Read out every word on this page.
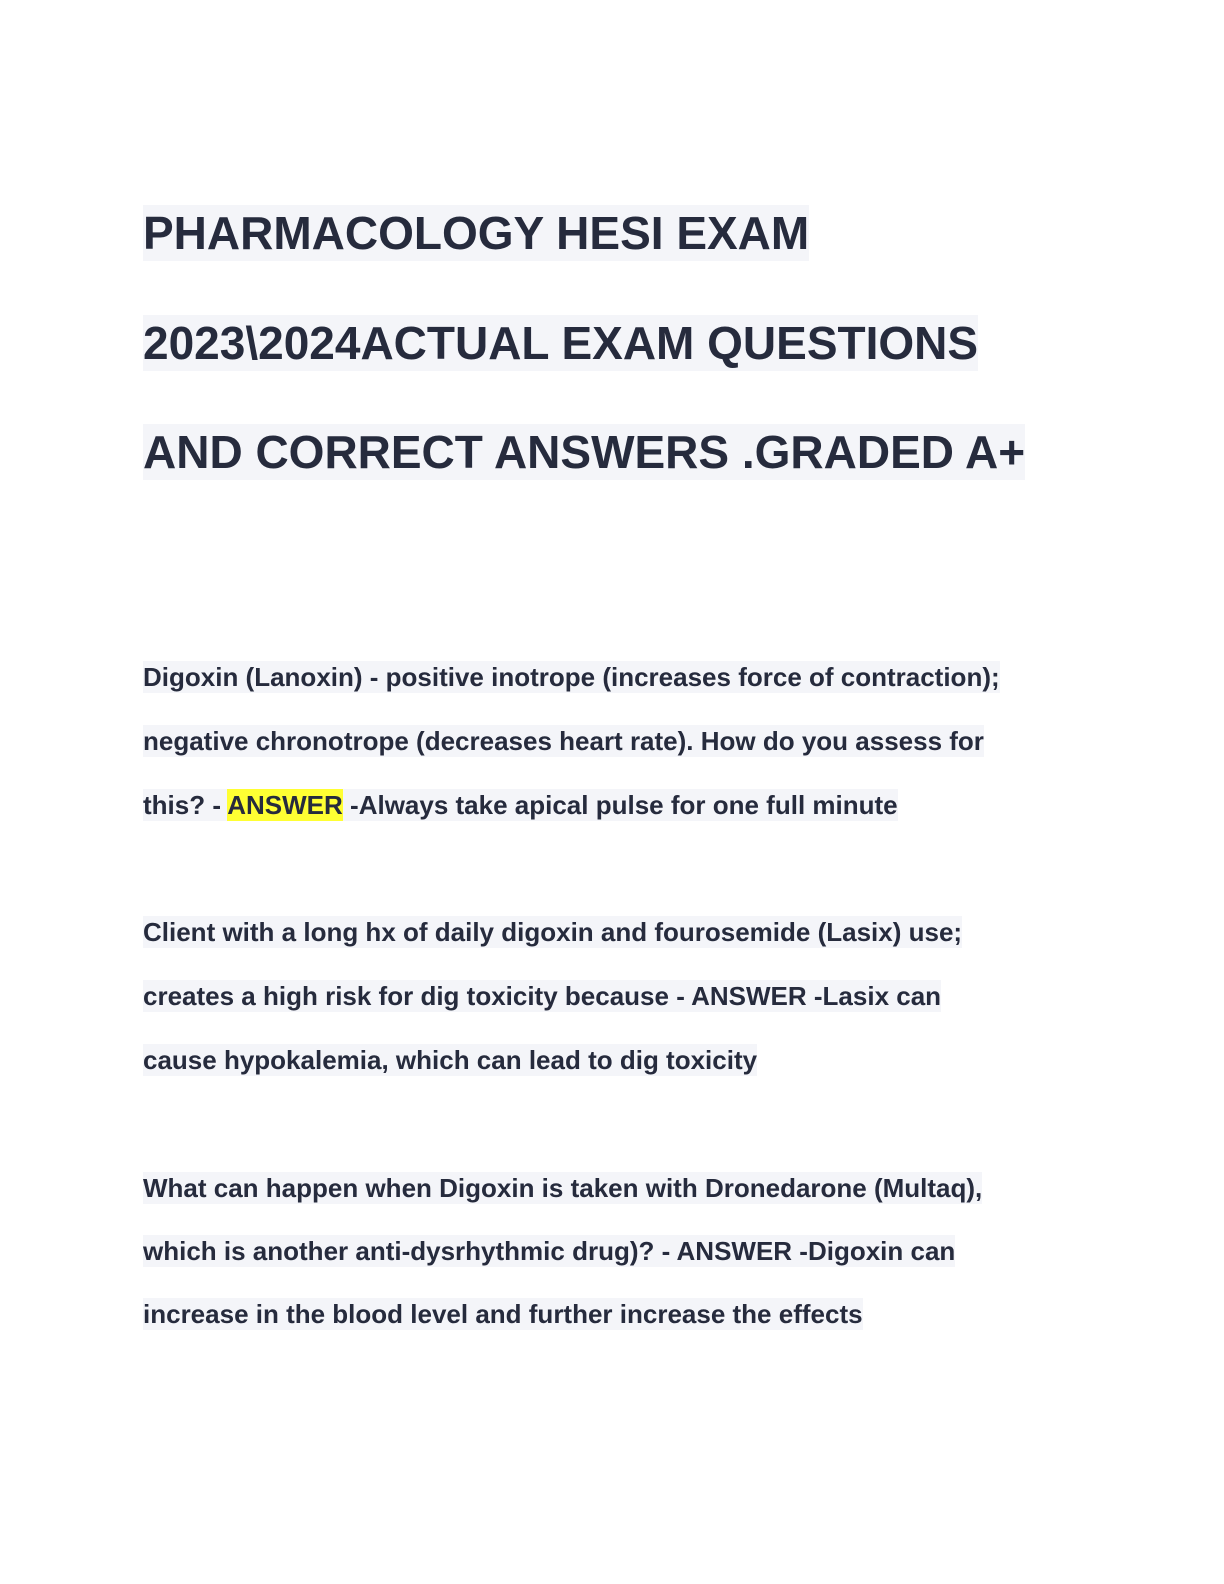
PHARMACOLOGY HESI EXAM
2023\2024ACTUAL EXAM QUESTIONS
AND CORRECT ANSWERS .GRADED A+
Digoxin (Lanoxin) - positive inotrope (increases force of contraction);
negative chronotrope (decreases heart rate). How do you assess for
this? - ANSWER -Always take apical pulse for one full minute
Client with a long hx of daily digoxin and fourosemide (Lasix) use;
creates a high risk for dig toxicity because - ANSWER -Lasix can
cause hypokalemia, which can lead to dig toxicity
What can happen when Digoxin is taken with Dronedarone (Multaq),
which is another anti-dysrhythmic drug)? - ANSWER -Digoxin can
increase in the blood level and further increase the effects
